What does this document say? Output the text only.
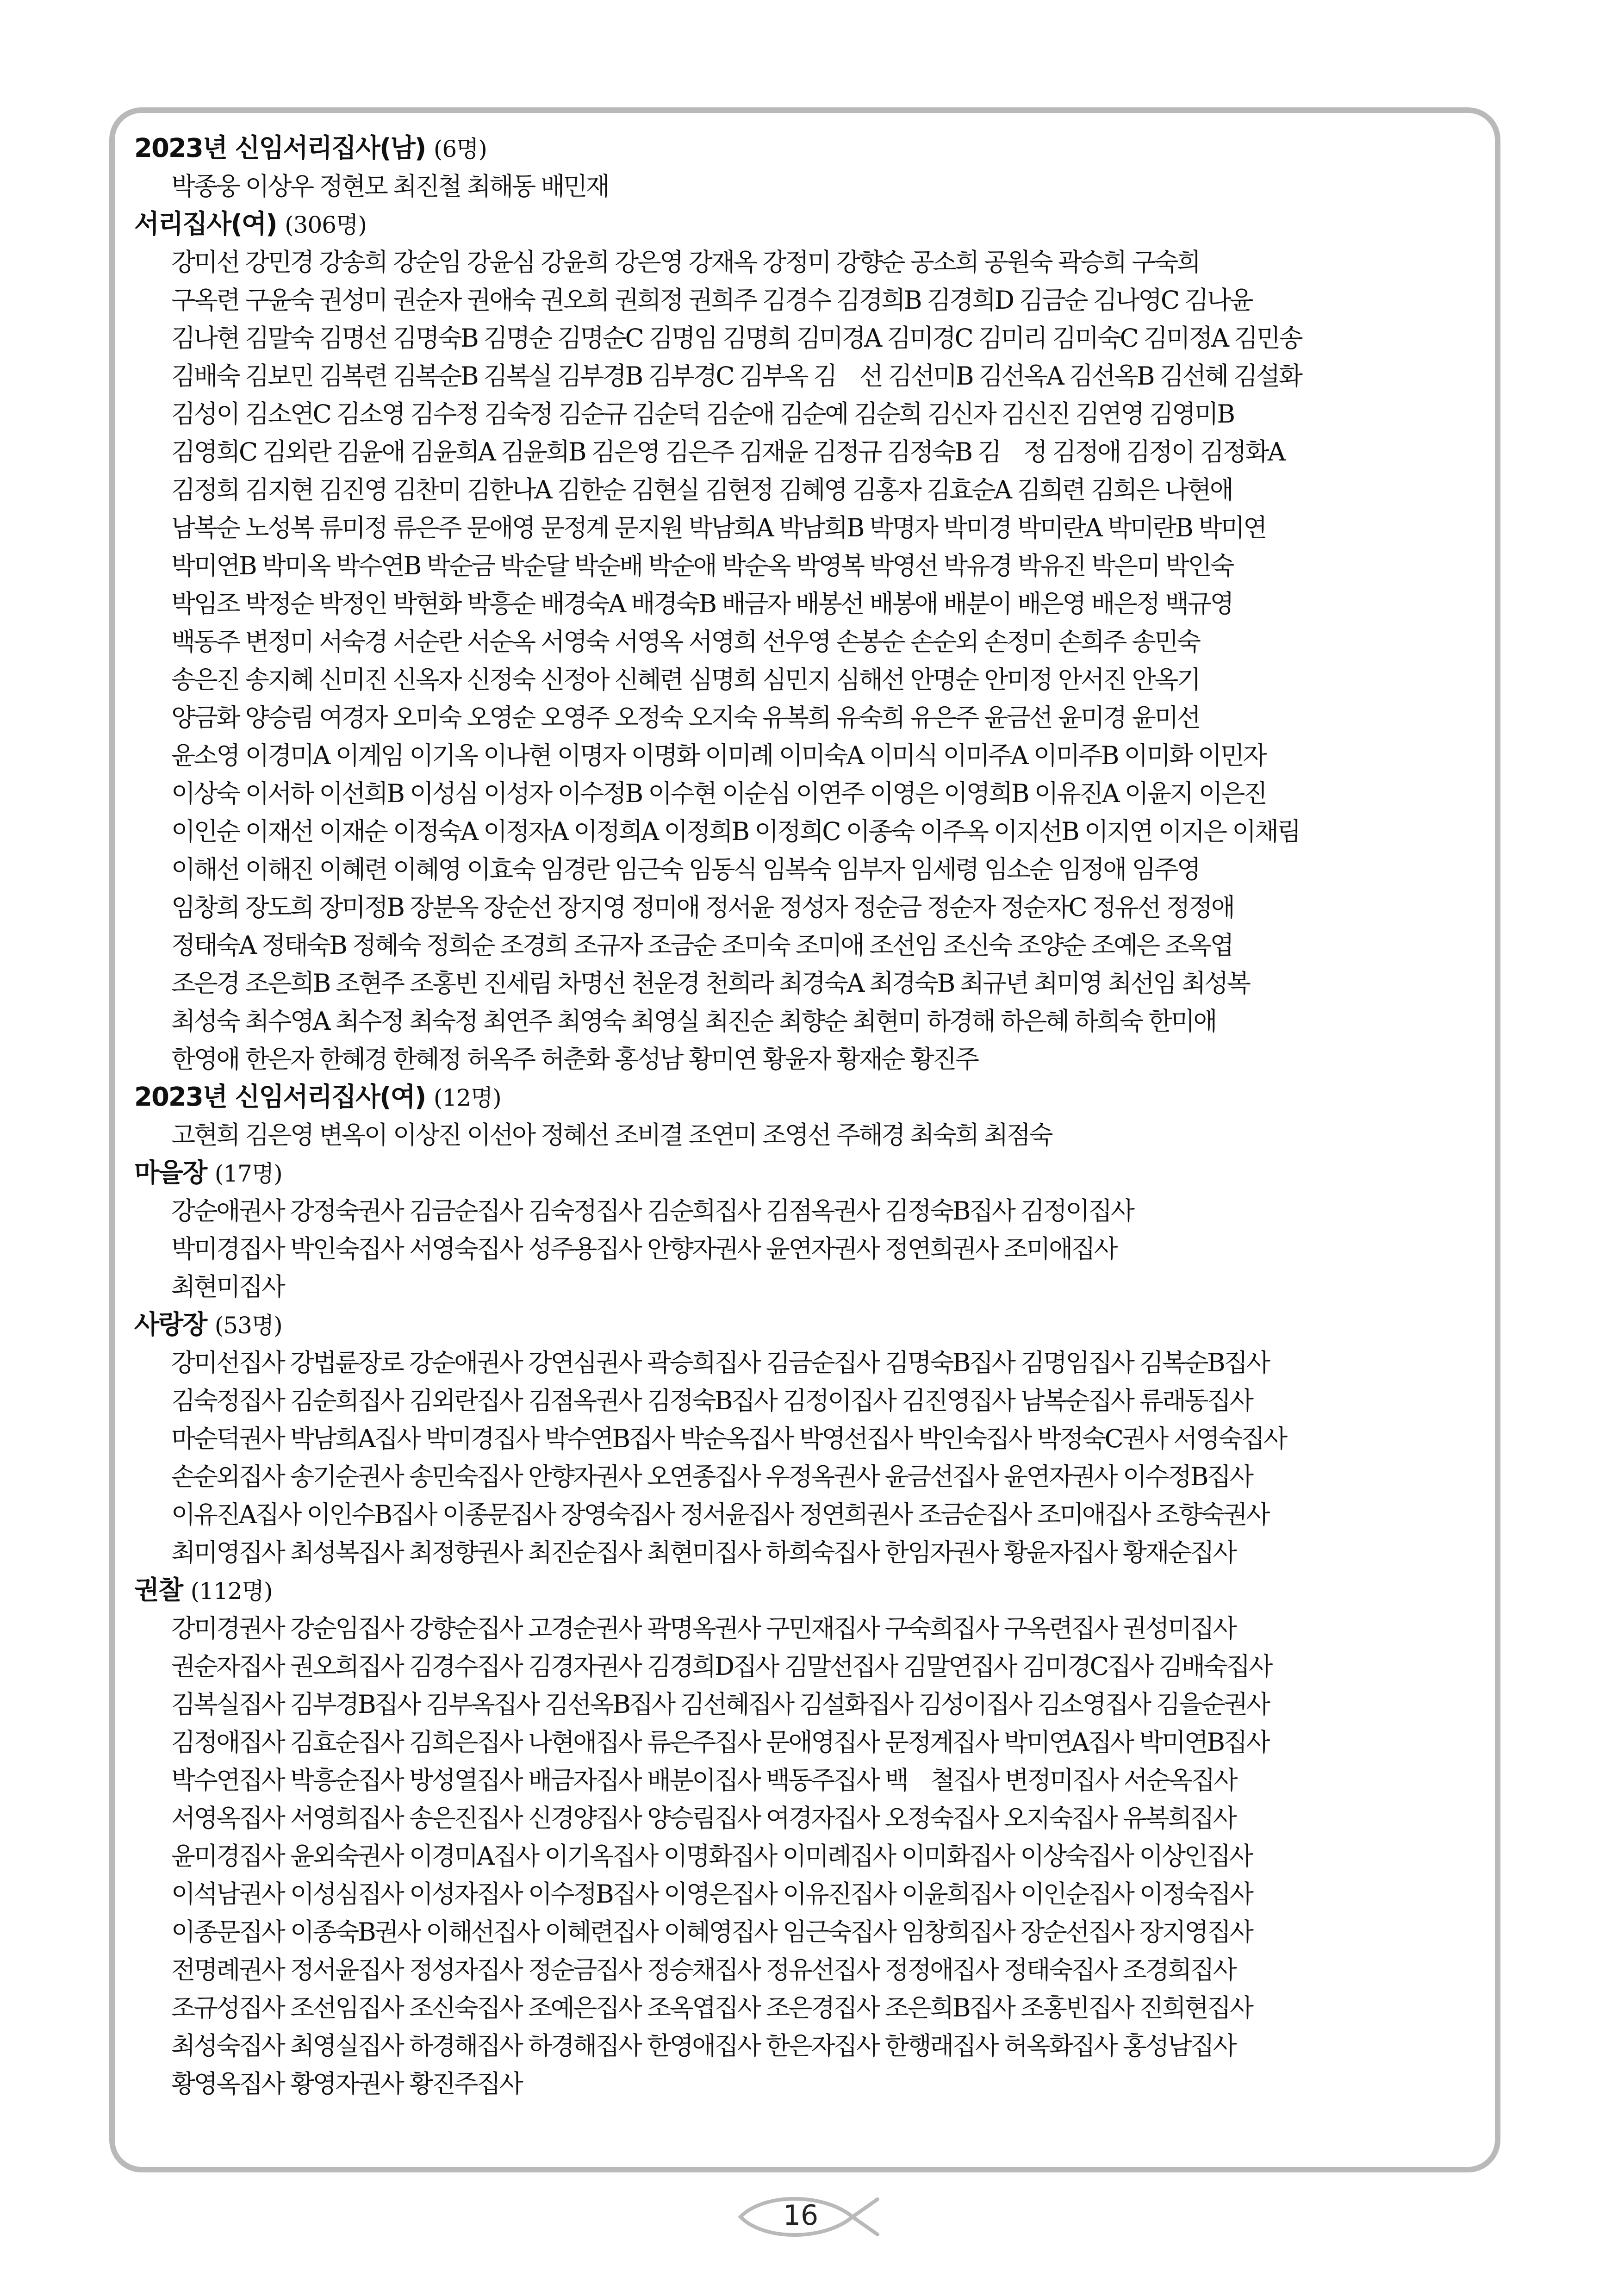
2023년 신임서리집사(남) (6명)
박종웅 이상우 정현모 최진철 최해동 배민재
서리집사(여) (306명)
강미선 강민경 강송희 강순임 강윤심 강윤희 강은영 강재옥 강정미 강향순 공소희 공원숙 곽승희 구숙희
구옥련 구윤숙 권성미 권순자 권애숙 권오희 권희정 권희주 김경수 김경희B 김경희D 김금순 김나영C 김나윤
김나현 김말숙 김명선 김명숙B 김명순 김명순C 김명임 김명희 김미경A 김미경C 김미리 김미숙C 김미정A 김민송
김배숙 김보민 김복련 김복순B 김복실 김부경B 김부경C 김부옥 김　선 김선미B 김선옥A 김선옥B 김선혜 김설화
김성이 김소연C 김소영 김수정 김숙정 김순규 김순덕 김순애 김순예 김순희 김신자 김신진 김연영 김영미B
김영희C 김외란 김윤애 김윤희A 김윤희B 김은영 김은주 김재윤 김정규 김정숙B 김　정 김정애 김정이 김정화A
김정희 김지현 김진영 김찬미 김한나A 김한순 김현실 김현정 김혜영 김홍자 김효순A 김희련 김희은 나현애
남복순 노성복 류미정 류은주 문애영 문정계 문지원 박남희A 박남희B 박명자 박미경 박미란A 박미란B 박미연
박미연B 박미옥 박수연B 박순금 박순달 박순배 박순애 박순옥 박영복 박영선 박유경 박유진 박은미 박인숙
박임조 박정순 박정인 박현화 박흥순 배경숙A 배경숙B 배금자 배봉선 배봉애 배분이 배은영 배은정 백규영
백동주 변정미 서숙경 서순란 서순옥 서영숙 서영옥 서영희 선우영 손봉순 손순외 손정미 손희주 송민숙
송은진 송지혜 신미진 신옥자 신정숙 신정아 신혜련 심명희 심민지 심해선 안명순 안미정 안서진 안옥기
양금화 양승림 여경자 오미숙 오영순 오영주 오정숙 오지숙 유복희 유숙희 유은주 윤금선 윤미경 윤미선
윤소영 이경미A 이계임 이기옥 이나현 이명자 이명화 이미례 이미숙A 이미식 이미주A 이미주B 이미화 이민자
이상숙 이서하 이선희B 이성심 이성자 이수정B 이수현 이순심 이연주 이영은 이영희B 이유진A 이윤지 이은진
이인순 이재선 이재순 이정숙A 이정자A 이정희A 이정희B 이정희C 이종숙 이주옥 이지선B 이지연 이지은 이채림
이해선 이해진 이혜련 이혜영 이효숙 임경란 임근숙 임동식 임복숙 임부자 임세령 임소순 임정애 임주영
임창희 장도희 장미정B 장분옥 장순선 장지영 정미애 정서윤 정성자 정순금 정순자 정순자C 정유선 정정애
정태숙A 정태숙B 정혜숙 정희순 조경희 조규자 조금순 조미숙 조미애 조선임 조신숙 조양순 조예은 조옥엽
조은경 조은희B 조현주 조홍빈 진세림 차명선 천운경 천희라 최경숙A 최경숙B 최규년 최미영 최선임 최성복
최성숙 최수영A 최수정 최숙정 최연주 최영숙 최영실 최진순 최향순 최현미 하경해 하은혜 하희숙 한미애
한영애 한은자 한혜경 한혜정 허옥주 허춘화 홍성남 황미연 황윤자 황재순 황진주
2023년 신임서리집사(여) (12명)
고현희 김은영 변옥이 이상진 이선아 정혜선 조비결 조연미 조영선 주해경 최숙희 최점숙
마을장 (17명)
강순애권사 강정숙권사 김금순집사 김숙정집사 김순희집사 김점옥권사 김정숙B집사 김정이집사
박미경집사 박인숙집사 서영숙집사 성주용집사 안향자권사 윤연자권사 정연희권사 조미애집사
최현미집사
사랑장 (53명)
강미선집사 강법륜장로 강순애권사 강연심권사 곽승희집사 김금순집사 김명숙B집사 김명임집사 김복순B집사
김숙정집사 김순희집사 김외란집사 김점옥권사 김정숙B집사 김정이집사 김진영집사 남복순집사 류래동집사
마순덕권사 박남희A집사 박미경집사 박수연B집사 박순옥집사 박영선집사 박인숙집사 박정숙C권사 서영숙집사
손순외집사 송기순권사 송민숙집사 안향자권사 오연종집사 우정옥권사 윤금선집사 윤연자권사 이수정B집사
이유진A집사 이인수B집사 이종문집사 장영숙집사 정서윤집사 정연희권사 조금순집사 조미애집사 조향숙권사
최미영집사 최성복집사 최정향권사 최진순집사 최현미집사 하희숙집사 한임자권사 황윤자집사 황재순집사
권찰 (112명)
강미경권사 강순임집사 강향순집사 고경순권사 곽명옥권사 구민재집사 구숙희집사 구옥련집사 권성미집사
권순자집사 권오희집사 김경수집사 김경자권사 김경희D집사 김말선집사 김말연집사 김미경C집사 김배숙집사
김복실집사 김부경B집사 김부옥집사 김선옥B집사 김선혜집사 김설화집사 김성이집사 김소영집사 김을순권사
김정애집사 김효순집사 김희은집사 나현애집사 류은주집사 문애영집사 문정계집사 박미연A집사 박미연B집사
박수연집사 박흥순집사 방성열집사 배금자집사 배분이집사 백동주집사 백　철집사 변정미집사 서순옥집사
서영옥집사 서영희집사 송은진집사 신경양집사 양승림집사 여경자집사 오정숙집사 오지숙집사 유복희집사
윤미경집사 윤외숙권사 이경미A집사 이기옥집사 이명화집사 이미례집사 이미화집사 이상숙집사 이상인집사
이석남권사 이성심집사 이성자집사 이수정B집사 이영은집사 이유진집사 이윤희집사 이인순집사 이정숙집사
이종문집사 이종숙B권사 이해선집사 이혜련집사 이혜영집사 임근숙집사 임창희집사 장순선집사 장지영집사
전명례권사 정서윤집사 정성자집사 정순금집사 정승채집사 정유선집사 정정애집사 정태숙집사 조경희집사
조규성집사 조선임집사 조신숙집사 조예은집사 조옥엽집사 조은경집사 조은희B집사 조홍빈집사 진희현집사
최성숙집사 최영실집사 하경해집사 하경해집사 한영애집사 한은자집사 한행래집사 허옥화집사 홍성남집사
황영옥집사 황영자권사 황진주집사
16
